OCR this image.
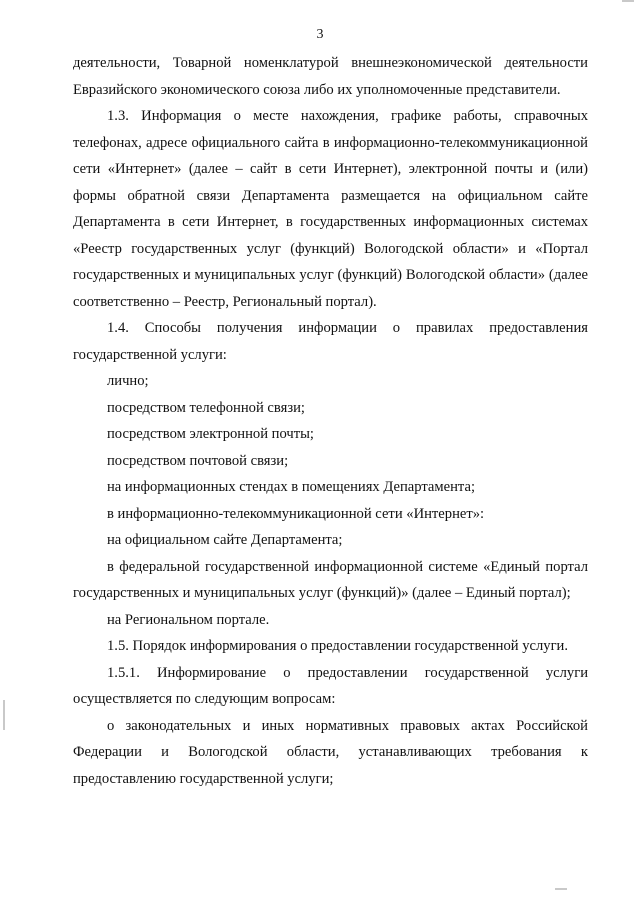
3

деятельности, Товарной номенклатурой внешнеэкономической деятельности Евразийского экономического союза либо их уполномоченные представители.

1.3. Информация о месте нахождения, графике работы, справочных телефонах, адресе официального сайта в информационно-телекоммуникационной сети «Интернет» (далее – сайт в сети Интернет), электронной почты и (или) формы обратной связи Департамента размещается на официальном сайте Департамента в сети Интернет, в государственных информационных системах «Реестр государственных услуг (функций) Вологодской области» и «Портал государственных и муниципальных услуг (функций) Вологодской области» (далее соответственно – Реестр, Региональный портал).

1.4. Способы получения информации о правилах предоставления государственной услуги:

лично;

посредством телефонной связи;

посредством электронной почты;

посредством почтовой связи;

на информационных стендах в помещениях Департамента;

в информационно-телекоммуникационной сети «Интернет»:

на официальном сайте Департамента;

в федеральной государственной информационной системе «Единый портал государственных и муниципальных услуг (функций)» (далее – Единый портал);

на Региональном портале.

1.5. Порядок информирования о предоставлении государственной услуги.

1.5.1. Информирование о предоставлении государственной услуги осуществляется по следующим вопросам:

о законодательных и иных нормативных правовых актах Российской Федерации и Вологодской области, устанавливающих требования к предоставлению государственной услуги;
